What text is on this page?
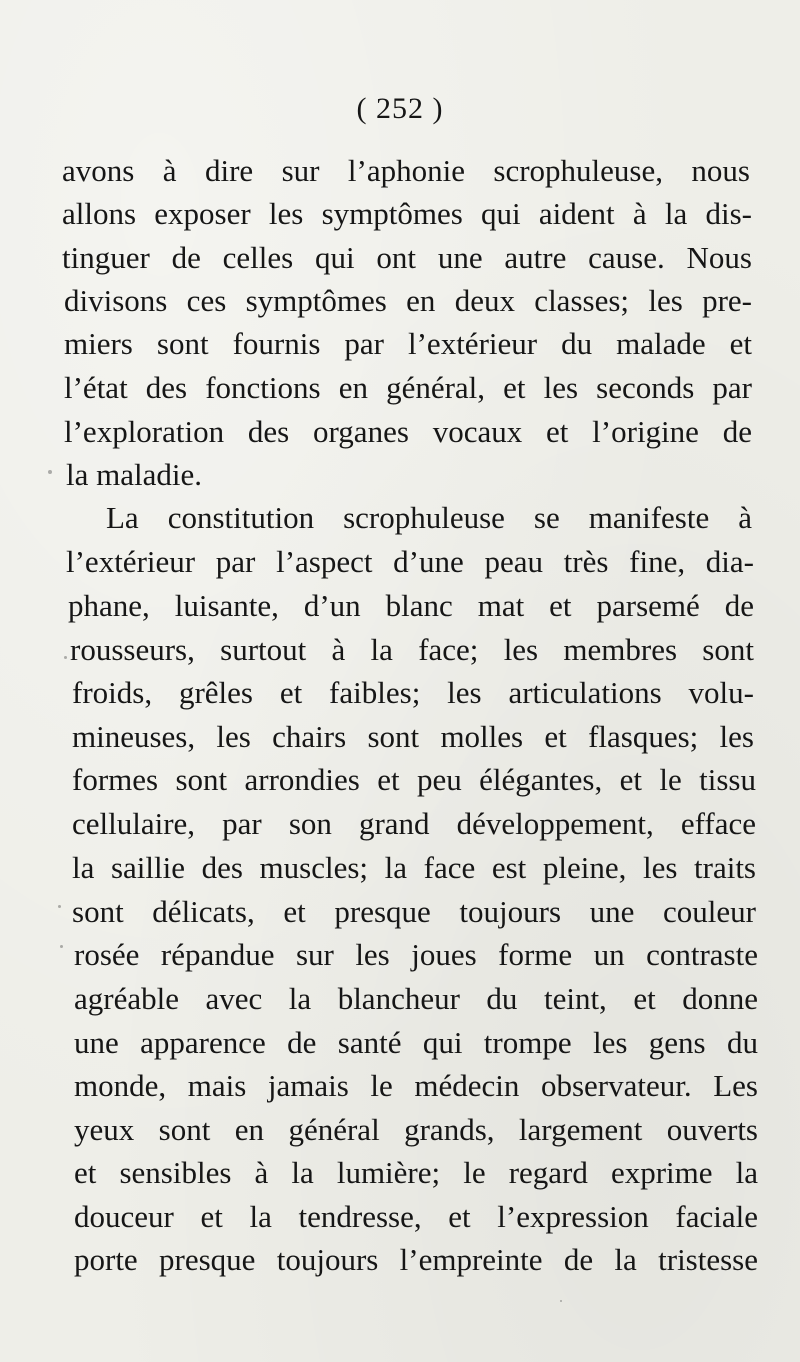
( 252 )
avons à dire sur l’aphonie scrophuleuse, nous
allons exposer les symptômes qui aident à la dis-
tinguer de celles qui ont une autre cause. Nous
divisons ces symptômes en deux classes; les pre-
miers sont fournis par l’extérieur du malade et
l’état des fonctions en général, et les seconds par
l’exploration des organes vocaux et l’origine de
la maladie.
La constitution scrophuleuse se manifeste à
l’extérieur par l’aspect d’une peau très fine, dia-
phane, luisante, d’un blanc mat et parsemé de
rousseurs, surtout à la face; les membres sont
froids, grêles et faibles; les articulations volu-
mineuses, les chairs sont molles et flasques; les
formes sont arrondies et peu élégantes, et le tissu
cellulaire, par son grand développement, efface
la saillie des muscles; la face est pleine, les traits
sont délicats, et presque toujours une couleur
rosée répandue sur les joues forme un contraste
agréable avec la blancheur du teint, et donne
une apparence de santé qui trompe les gens du
monde, mais jamais le médecin observateur. Les
yeux sont en général grands, largement ouverts
et sensibles à la lumière; le regard exprime la
douceur et la tendresse, et l’expression faciale
porte presque toujours l’empreinte de la tristesse
